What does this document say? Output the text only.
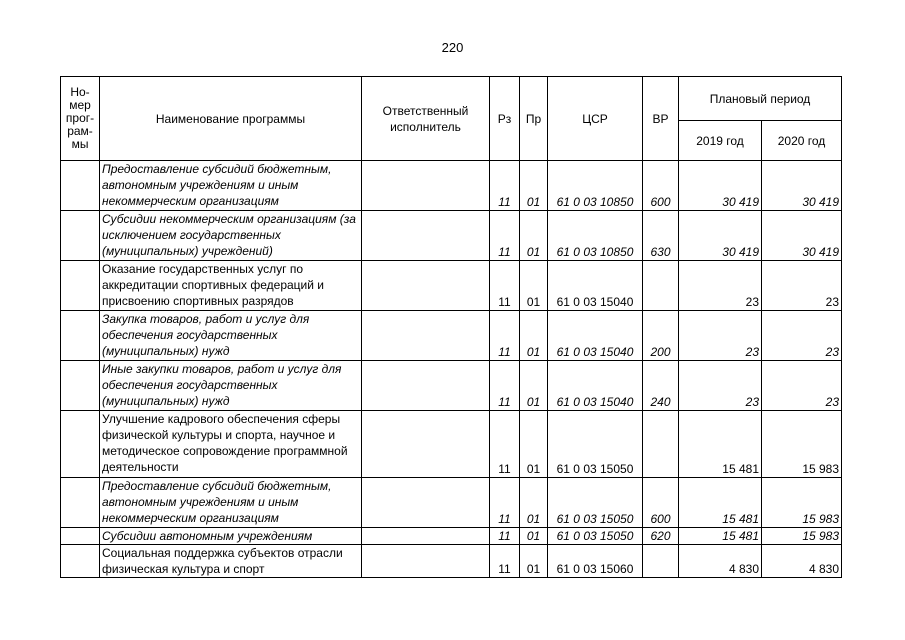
220
Но-мер прог-рам-мы	Наименование программы	Ответственный исполнитель	Рз	Пр	ЦСР	ВР	Плановый период	
							2019 год	2020 год
	Предоставление субсидий бюджетным, автономным учреждениям и иным некоммерческим организациям		11	01	61 0 03 10850	600	30 419	30 419
	Субсидии некоммерческим организациям (за исключением государственных (муниципальных) учреждений)		11	01	61 0 03 10850	630	30 419	30 419
	Оказание государственных услуг по аккредитации спортивных федераций и присвоению спортивных разрядов		11	01	61 0 03 15040		23	23
	Закупка товаров, работ и услуг для обеспечения государственных (муниципальных) нужд		11	01	61 0 03 15040	200	23	23
	Иные закупки товаров, работ и услуг для обеспечения государственных (муниципальных) нужд		11	01	61 0 03 15040	240	23	23
	Улучшение кадрового обеспечения сферы физической культуры и спорта, научное и методическое сопровождение программной деятельности		11	01	61 0 03 15050		15 481	15 983
	Предоставление субсидий бюджетным, автономным учреждениям и иным некоммерческим организациям		11	01	61 0 03 15050	600	15 481	15 983
	Субсидии автономным учреждениям		11	01	61 0 03 15050	620	15 481	15 983
	Социальная поддержка субъектов отрасли физическая культура и спорт		11	01	61 0 03 15060		4 830	4 830
